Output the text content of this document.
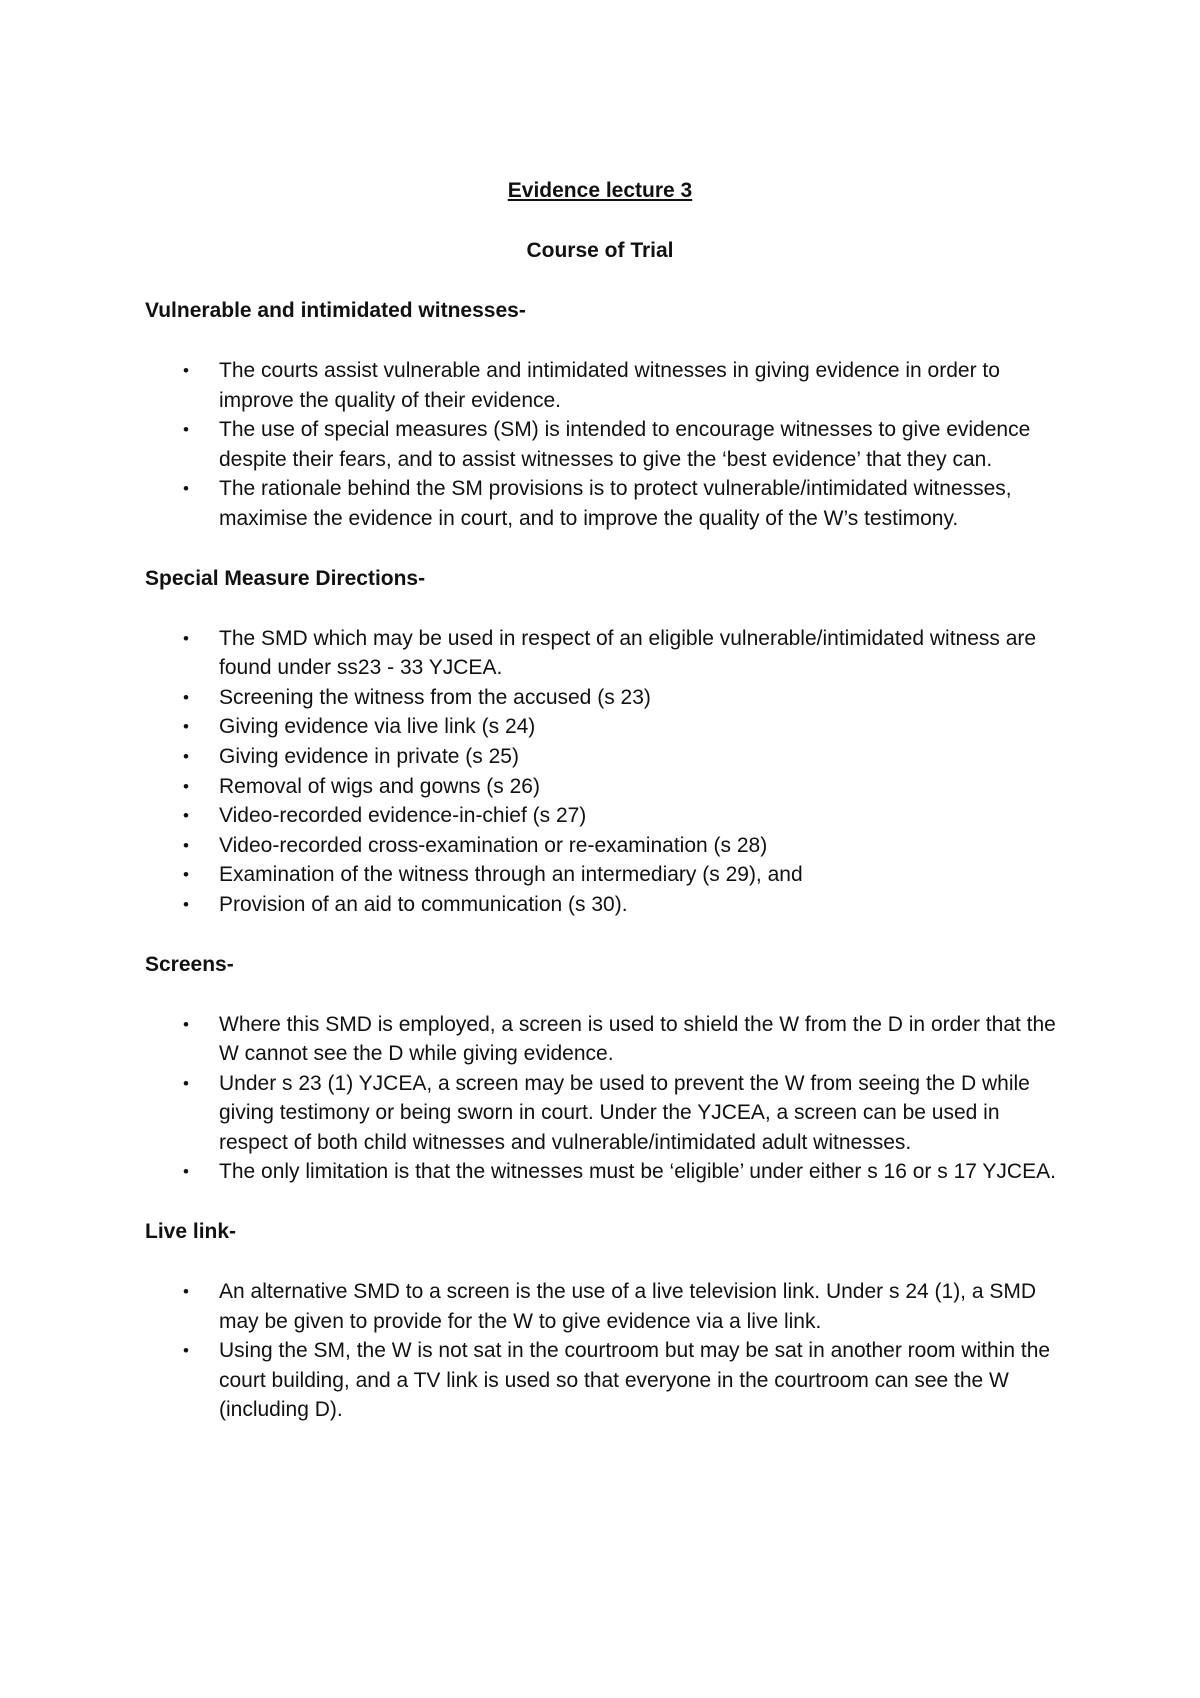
Evidence lecture 3
Course of Trial
Vulnerable and intimidated witnesses-
• The courts assist vulnerable and intimidated witnesses in giving evidence in order to improve the quality of their evidence.
• The use of special measures (SM) is intended to encourage witnesses to give evidence despite their fears, and to assist witnesses to give the ‘best evidence’ that they can.
• The rationale behind the SM provisions is to protect vulnerable/intimidated witnesses, maximise the evidence in court, and to improve the quality of the W’s testimony.
Special Measure Directions-
• The SMD which may be used in respect of an eligible vulnerable/intimidated witness are found under ss23 - 33 YJCEA.
• Screening the witness from the accused (s 23)
• Giving evidence via live link (s 24)
• Giving evidence in private (s 25)
• Removal of wigs and gowns (s 26)
• Video-recorded evidence-in-chief (s 27)
• Video-recorded cross-examination or re-examination (s 28)
• Examination of the witness through an intermediary (s 29), and
• Provision of an aid to communication (s 30).
Screens-
• Where this SMD is employed, a screen is used to shield the W from the D in order that the W cannot see the D while giving evidence.
• Under s 23 (1) YJCEA, a screen may be used to prevent the W from seeing the D while giving testimony or being sworn in court. Under the YJCEA, a screen can be used in respect of both child witnesses and vulnerable/intimidated adult witnesses.
• The only limitation is that the witnesses must be ‘eligible’ under either s 16 or s 17 YJCEA.
Live link-
• An alternative SMD to a screen is the use of a live television link. Under s 24 (1), a SMD may be given to provide for the W to give evidence via a live link.
• Using the SM, the W is not sat in the courtroom but may be sat in another room within the court building, and a TV link is used so that everyone in the courtroom can see the W (including D).
